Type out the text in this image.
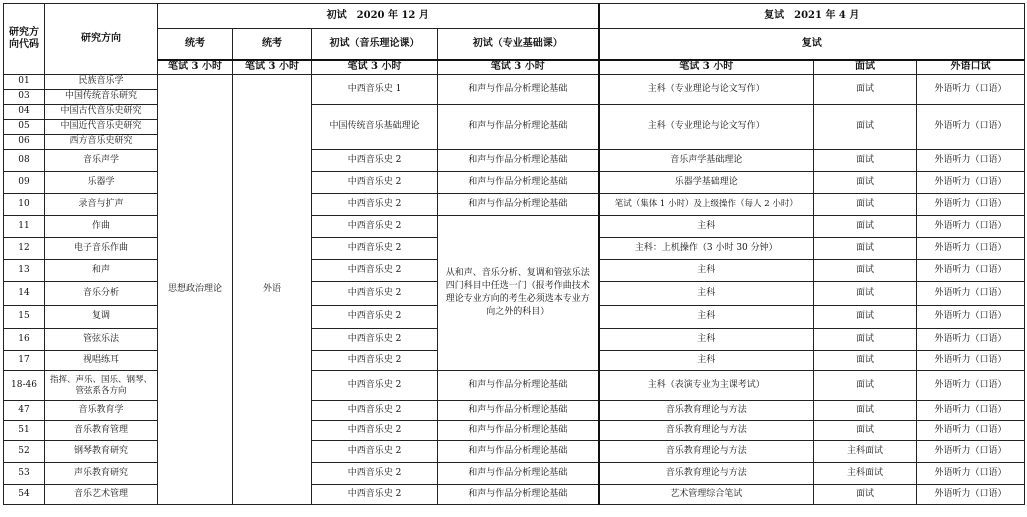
研究方向代码	研究方向	初试　2020 年 12 月				复试　2021 年 4 月		
		统考	统考	初试（音乐理论课）	初试（专业基础课）	复试		
		笔试 3 小时	笔试 3 小时	笔试 3 小时	笔试 3 小时	笔试 3 小时	面试	外语口试
01	民族音乐学	思想政治理论	外语	中西音乐史 1	和声与作品分析理论基础	主科（专业理论与论文写作）	面试	外语听力（口语）
03	中国传统音乐研究							
04	中国古代音乐史研究			中国传统音乐基础理论	和声与作品分析理论基础	主科（专业理论与论文写作）	面试	外语听力（口语）
05	中国近代音乐史研究							
06	西方音乐史研究							
08	音乐声学			中西音乐史 2	和声与作品分析理论基础	音乐声学基础理论	面试	外语听力（口语）
09	乐器学			中西音乐史 2	和声与作品分析理论基础	乐器学基础理论	面试	外语听力（口语）
10	录音与扩声			中西音乐史 2	和声与作品分析理论基础	笔试（集体 1 小时）及上级操作（每人 2 小时）	面试	外语听力（口语）
11	作曲			中西音乐史 2	从和声、音乐分析、复调和管弦乐法四门科目中任选一门（报考作曲技术理论专业方向的考生必须选本专业方向之外的科目）	主科	面试	外语听力（口语）
12	电子音乐作曲			中西音乐史 2		主科：上机操作（3 小时 30 分钟）	面试	外语听力（口语）
13	和声			中西音乐史 2		主科	面试	外语听力（口语）
14	音乐分析			中西音乐史 2		主科	面试	外语听力（口语）
15	复调			中西音乐史 2		主科	面试	外语听力（口语）
16	管弦乐法			中西音乐史 2		主科	面试	外语听力（口语）
17	视唱练耳			中西音乐史 2		主科	面试	外语听力（口语）
18-46	指挥、声乐、国乐、钢琴、管弦系各方向			中西音乐史 2	和声与作品分析理论基础	主科（表演专业为主课考试）	面试	外语听力（口语）
47	音乐教育学			中西音乐史 2	和声与作品分析理论基础	音乐教育理论与方法	面试	外语听力（口语）
51	音乐教育管理			中西音乐史 2	和声与作品分析理论基础	音乐教育理论与方法	面试	外语听力（口语）
52	钢琴教育研究			中西音乐史 2	和声与作品分析理论基础	音乐教育理论与方法	主科面试	外语听力（口语）
53	声乐教育研究			中西音乐史 2	和声与作品分析理论基础	音乐教育理论与方法	主科面试	外语听力（口语）
54	音乐艺术管理			中西音乐史 2	和声与作品分析理论基础	艺术管理综合笔试	面试	外语听力（口语）
